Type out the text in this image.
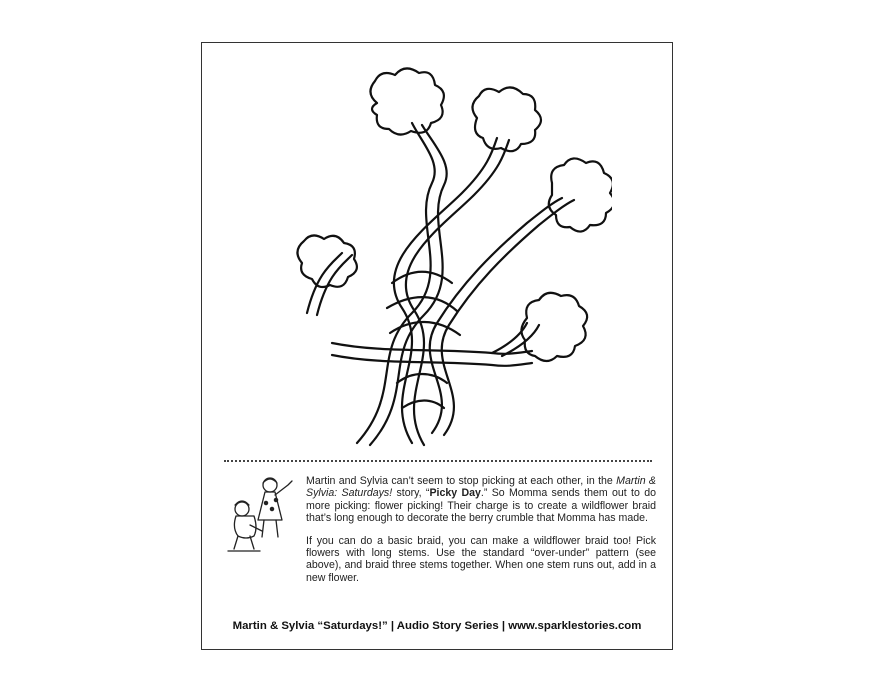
Martin and Sylvia can’t seem to stop picking at each other, in the Martin & Sylvia: Saturdays! story, “Picky Day.” So Momma sends them out to do more picking: flower picking! Their charge is to create a wildflower braid that’s long enough to decorate the berry crumble that Momma has made.

If you can do a basic braid, you can make a wildflower braid too! Pick flowers with long stems. Use the standard “over-under” pattern (see above), and braid three stems together. When one stem runs out, add in a new flower.

Martin & Sylvia “Saturdays!” | Audio Story Series | www.sparklestories.com
